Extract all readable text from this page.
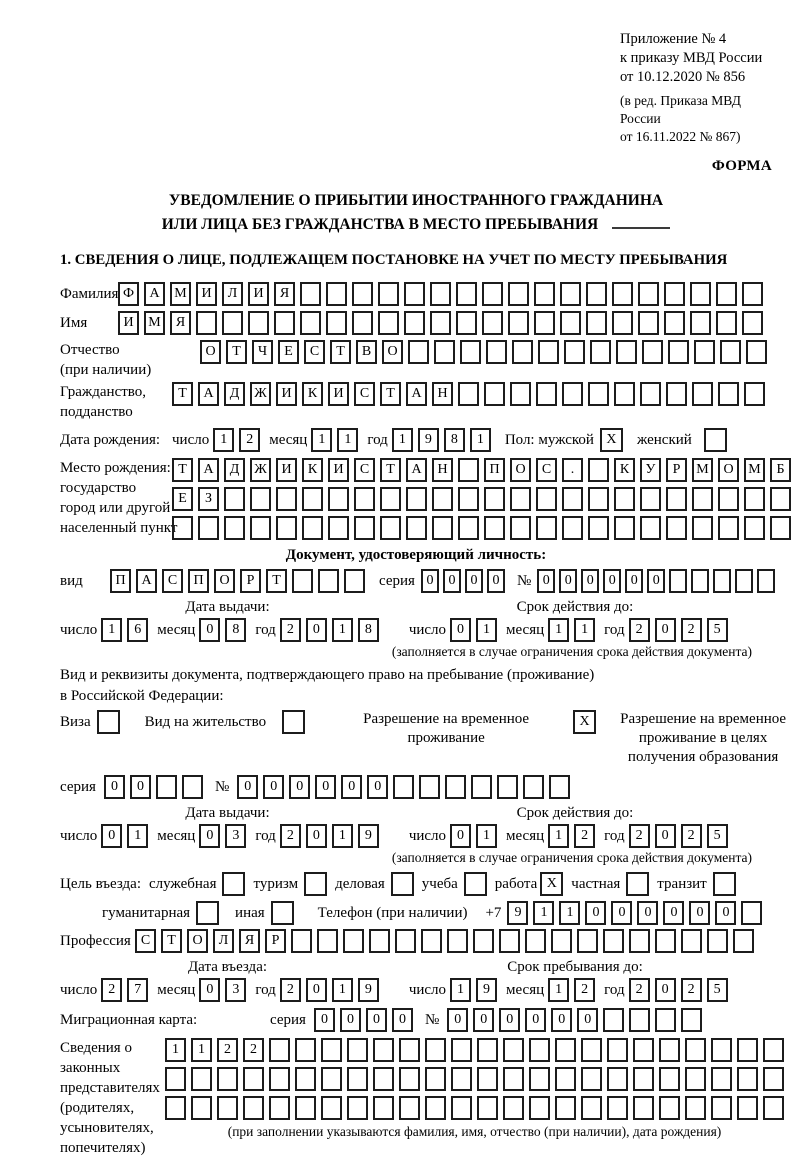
Приложение № 4
к приказу МВД России
от 10.12.2020 № 856
(в ред. Приказа МВД России
от 16.11.2022 № 867)
ФОРМА
УВЕДОМЛЕНИЕ О ПРИБЫТИИ ИНОСТРАННОГО ГРАЖДАНИНА
ИЛИ ЛИЦА БЕЗ ГРАЖДАНСТВА В МЕСТО ПРЕБЫВАНИЯ
1. СВЕДЕНИЯ О ЛИЦЕ, ПОДЛЕЖАЩЕМ ПОСТАНОВКЕ НА УЧЕТ ПО МЕСТУ ПРЕБЫВАНИЯ
Фамилия Ф	А	М	И	Л	И	Я
Имя	И	М	Я
Отчество
(при наличии)
О	Т	Ч	Е	С	Т	В	О
Гражданство,
подданство
Т	А	Д	Ж	И	К	И	С	Т	А	Н
Дата рождения: число 1	2	месяц 1	1	год 1	9	8	1	Пол: мужской X	женский
Место рождения:
государство
город или другой
населенный пункт
Т	А	Д	Ж	И	К	И	С	Т	А	Н	П	О	С	.	К	У	Р	М	О	М	Б
Е	З
Документ, удостоверяющий личность:
вид	П	А	С	П	О	Р	Т	серия 0	0	0	0	№ 0	0	0	0	0	0
Дата выдачи:	Срок действия до:
число 1	6	месяц 0	8	год 2	0	1	8	число 0	1	месяц 1	1	год 2	0	2	5
(заполняется в случае ограничения срока действия документа)
Вид и реквизиты документа, подтверждающего право на пребывание (проживание)
в Российской Федерации:
Виза	Вид на жительство	Разрешение на временное проживание
X	Разрешение на временное проживание в целях получения образования
серия	0	0	№	0	0	0	0	0	0
Дата выдачи:	Срок действия до:
число 0	1	месяц 0	3	год 2	0	1	9	число 0	1	месяц 1	2	год 2	0	2	5
(заполняется в случае ограничения срока действия документа)
Цель въезда: служебная туризм деловая учеба работа X частная транзит
гуманитарная	иная	Телефон (при наличии) +7 9	1	1	0	0	0	0	0	0
Профессия С	Т	О	Л	Я	Р
Дата въезда:	Срок пребывания до:
число 2	7	месяц 0	3	год 2	0	1	9	число 1	9	месяц 1	2	год 2	0	2	5
Миграционная карта:	серия	0	0	0	0	№	0	0	0	0	0	0
Сведения о
законных
представителях
(родителях,
усыновителях,
попечителях)
1	1	2	2
(при заполнении указываются фамилия, имя, отчество (при наличии), дата рождения)
